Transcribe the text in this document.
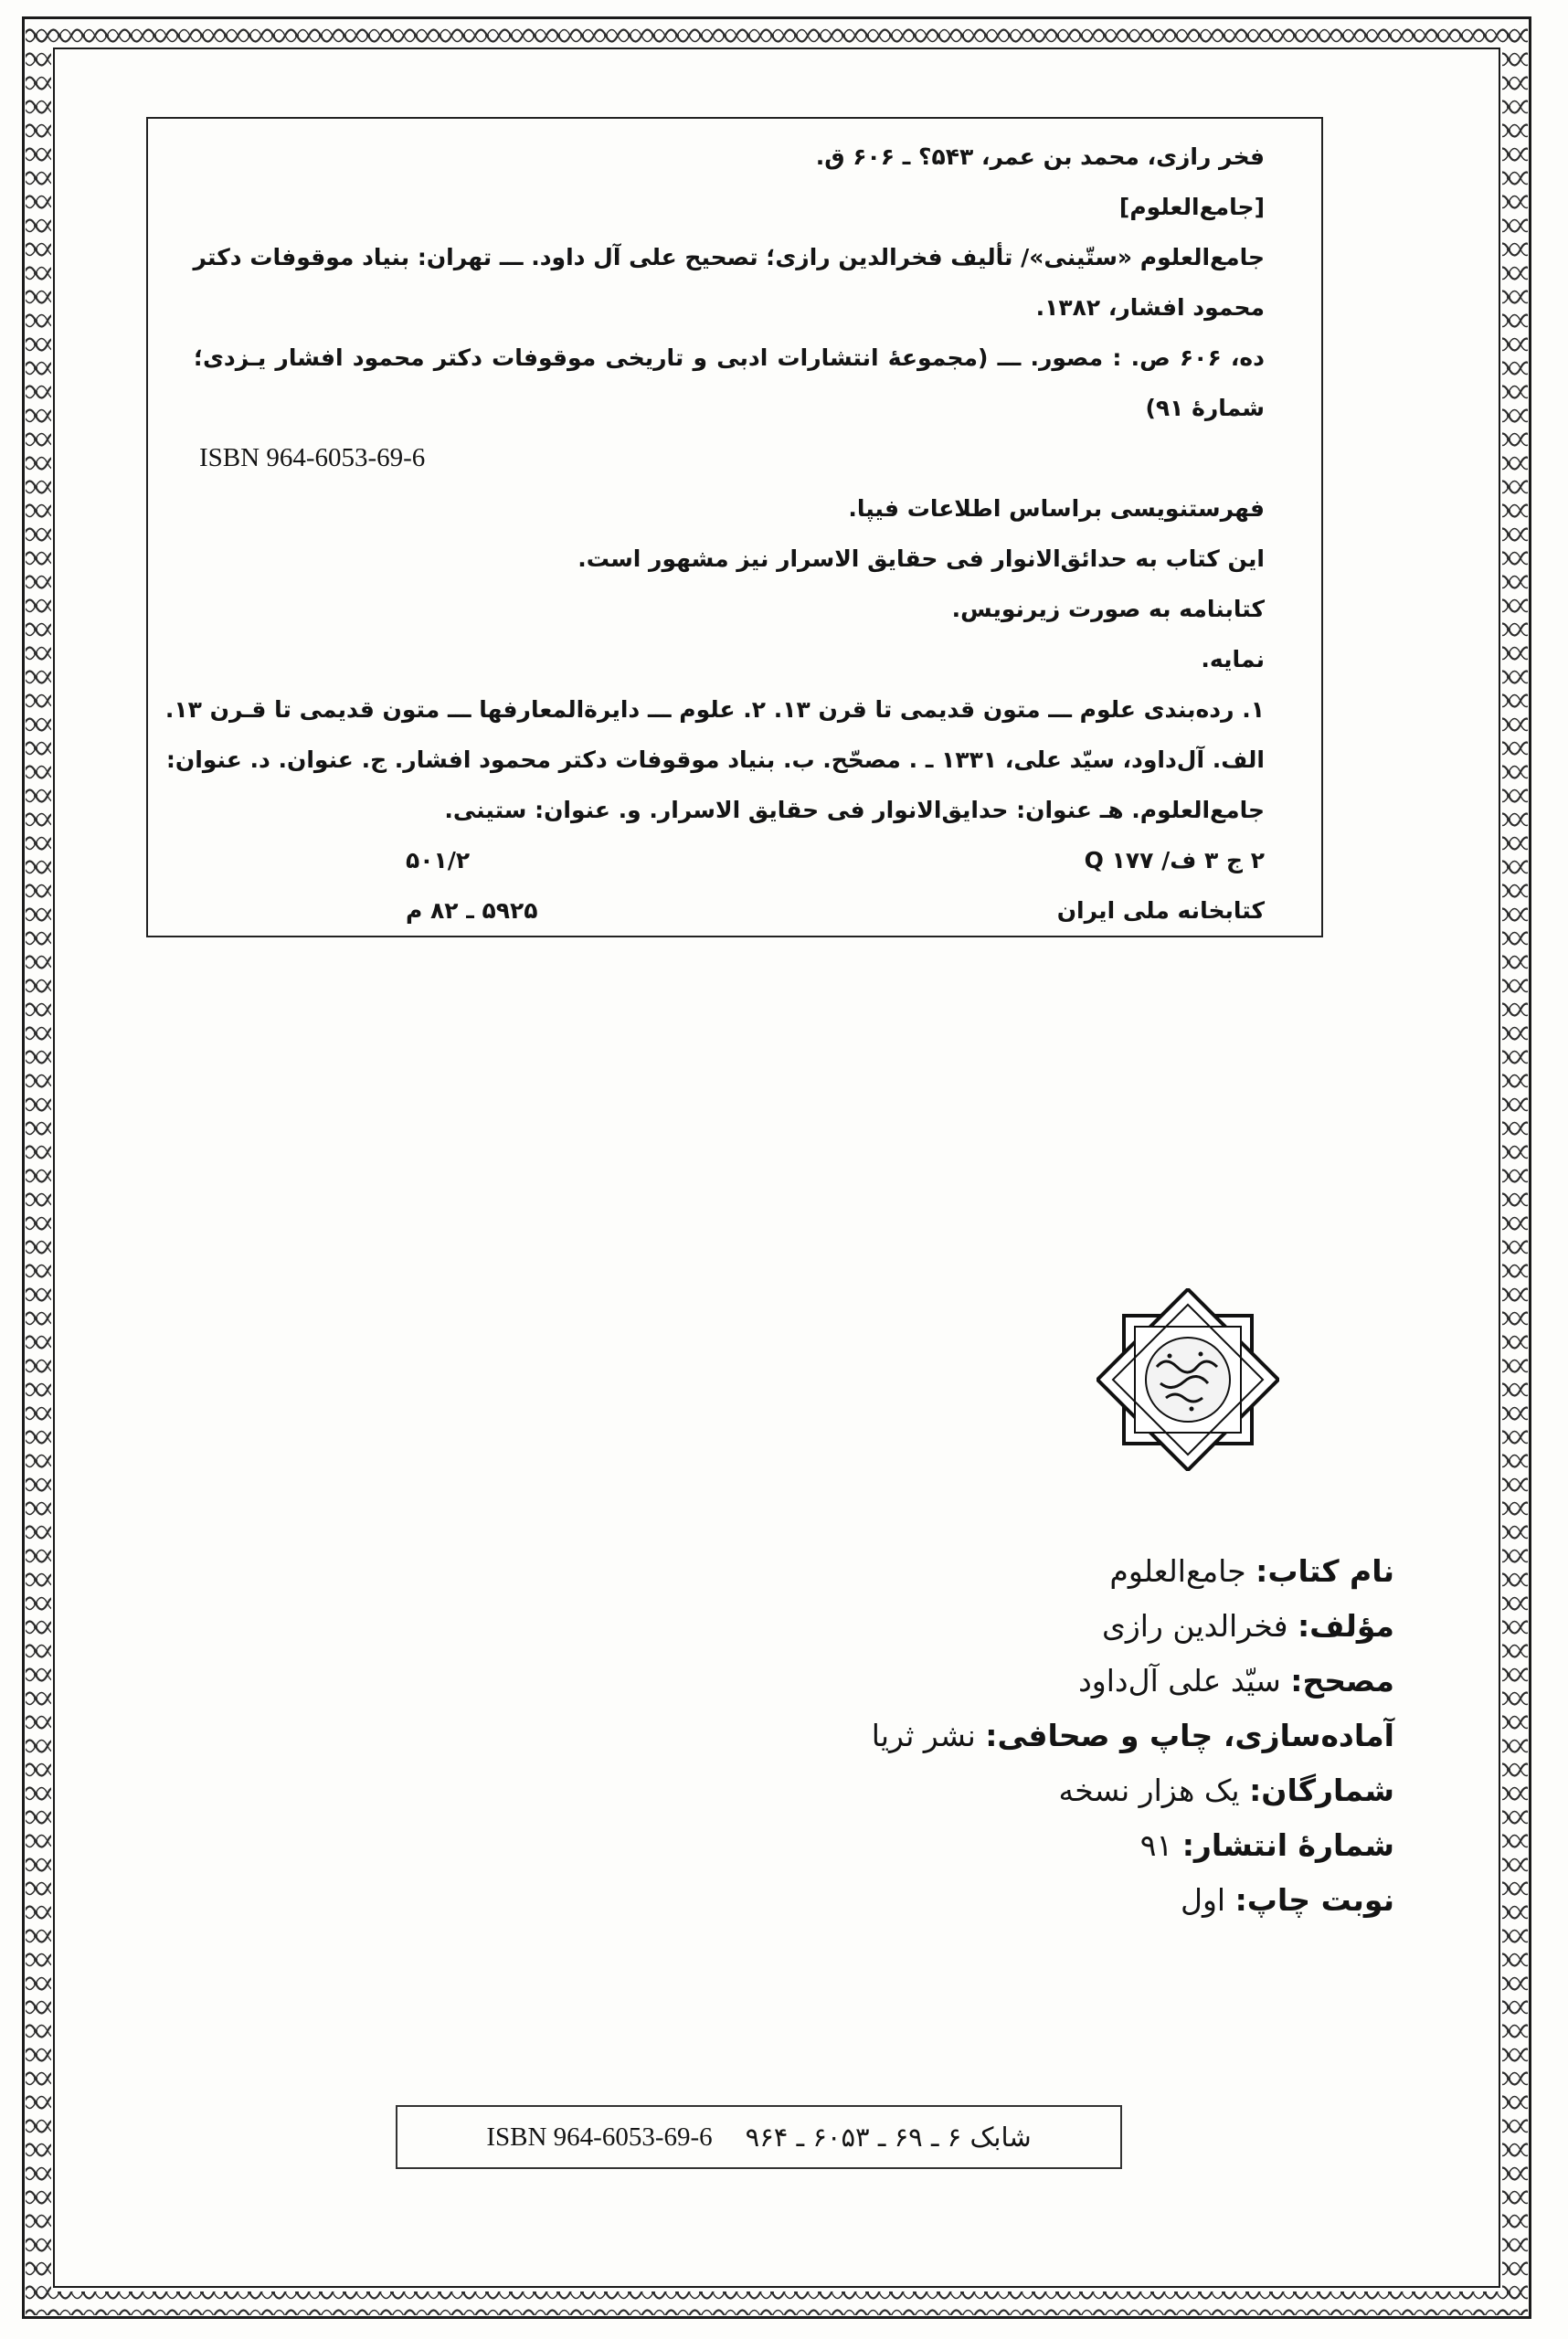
فخر رازی، محمد بن عمر، ۵۴۳؟ ـ ۶۰۶ ق.
[جامع‌العلوم]
جامع‌العلوم «ستّینی»/ تألیف فخرالدین رازی؛ تصحیح علی آل داود. ـــ تهران: بنیاد موقوفات دکتر
محمود افشار، ۱۳۸۲.
ده، ۶۰۶ ص. : مصور. ـــ (مجموعهٔ انتشارات ادبی و تاریخی موقوفات دکتر محمود افشار یـزدی؛
شمارهٔ ۹۱)
ISBN 964-6053-69-6
فهرستنویسی براساس اطلاعات فیپا.
این کتاب به حدائق‌الانوار فی حقایق الاسرار نیز مشهور است.
کتابنامه به صورت زیرنویس.
نمایه.
۱. رده‌بندی علوم ـــ متون قدیمی تا قرن ۱۳. ۲. علوم ـــ دایرة‌المعارفها ـــ متون قدیمی تا قـرن ۱۳.
الف. آل‌داود، سیّد علی، ۱۳۳۱ ـ . مصحّح. ب. بنیاد موقوفات دکتر محمود افشار. ج. عنوان. د. عنوان:
جامع‌العلوم. هـ عنوان: حدایق‌الانوار فی حقایق الاسرار. و. عنوان: ستینی.
۲ ج ۳ ف/ ۱۷۷ Q
۵۰۱/۲
کتابخانه ملی ایران
۵۹۲۵ ـ ۸۲ م
نام کتاب: جامع‌العلوم
مؤلف: فخرالدین رازی
مصحح: سیّد علی آل‌داود
آماده‌سازی، چاپ و صحافی: نشر ثریا
شمارگان: یک هزار نسخه
شمارهٔ انتشار: ۹۱
نوبت چاپ: اول
ISBN 964-6053-69-6 شابک ۶ ـ ۶۹ ـ ۶۰۵۳ ـ ۹۶۴
